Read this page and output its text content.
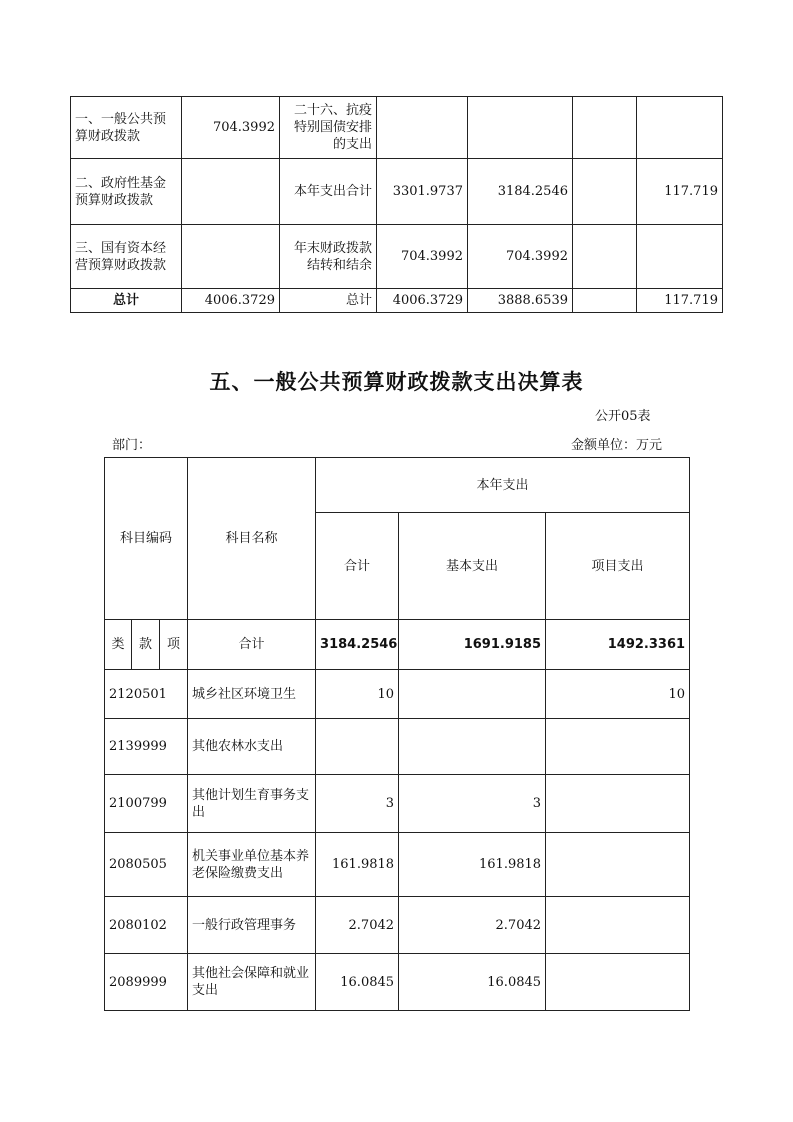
一、一般公共预算财政拨款	704.3992	二十六、抗疫特别国债安排的支出				
二、政府性基金预算财政拨款		本年支出合计	3301.9737	3184.2546		117.719
三、国有资本经营预算财政拨款		年末财政拨款结转和结余	704.3992	704.3992		
总计	4006.3729	总计	4006.3729	3888.6539		117.719
五、一般公共预算财政拨款支出决算表
公开05表
部门：	金额单位：万元
科目编码			科目名称	本年支出		
				合计	基本支出	项目支出
类	款	项	合计	3184.2546	1691.9185	1492.3361
2120501			城乡社区环境卫生	10		10
2139999			其他农林水支出			
2100799			其他计划生育事务支出	3	3	
2080505			机关事业单位基本养老保险缴费支出	161.9818	161.9818	
2080102			一般行政管理事务	2.7042	2.7042	
2089999			其他社会保障和就业支出	16.0845	16.0845	
